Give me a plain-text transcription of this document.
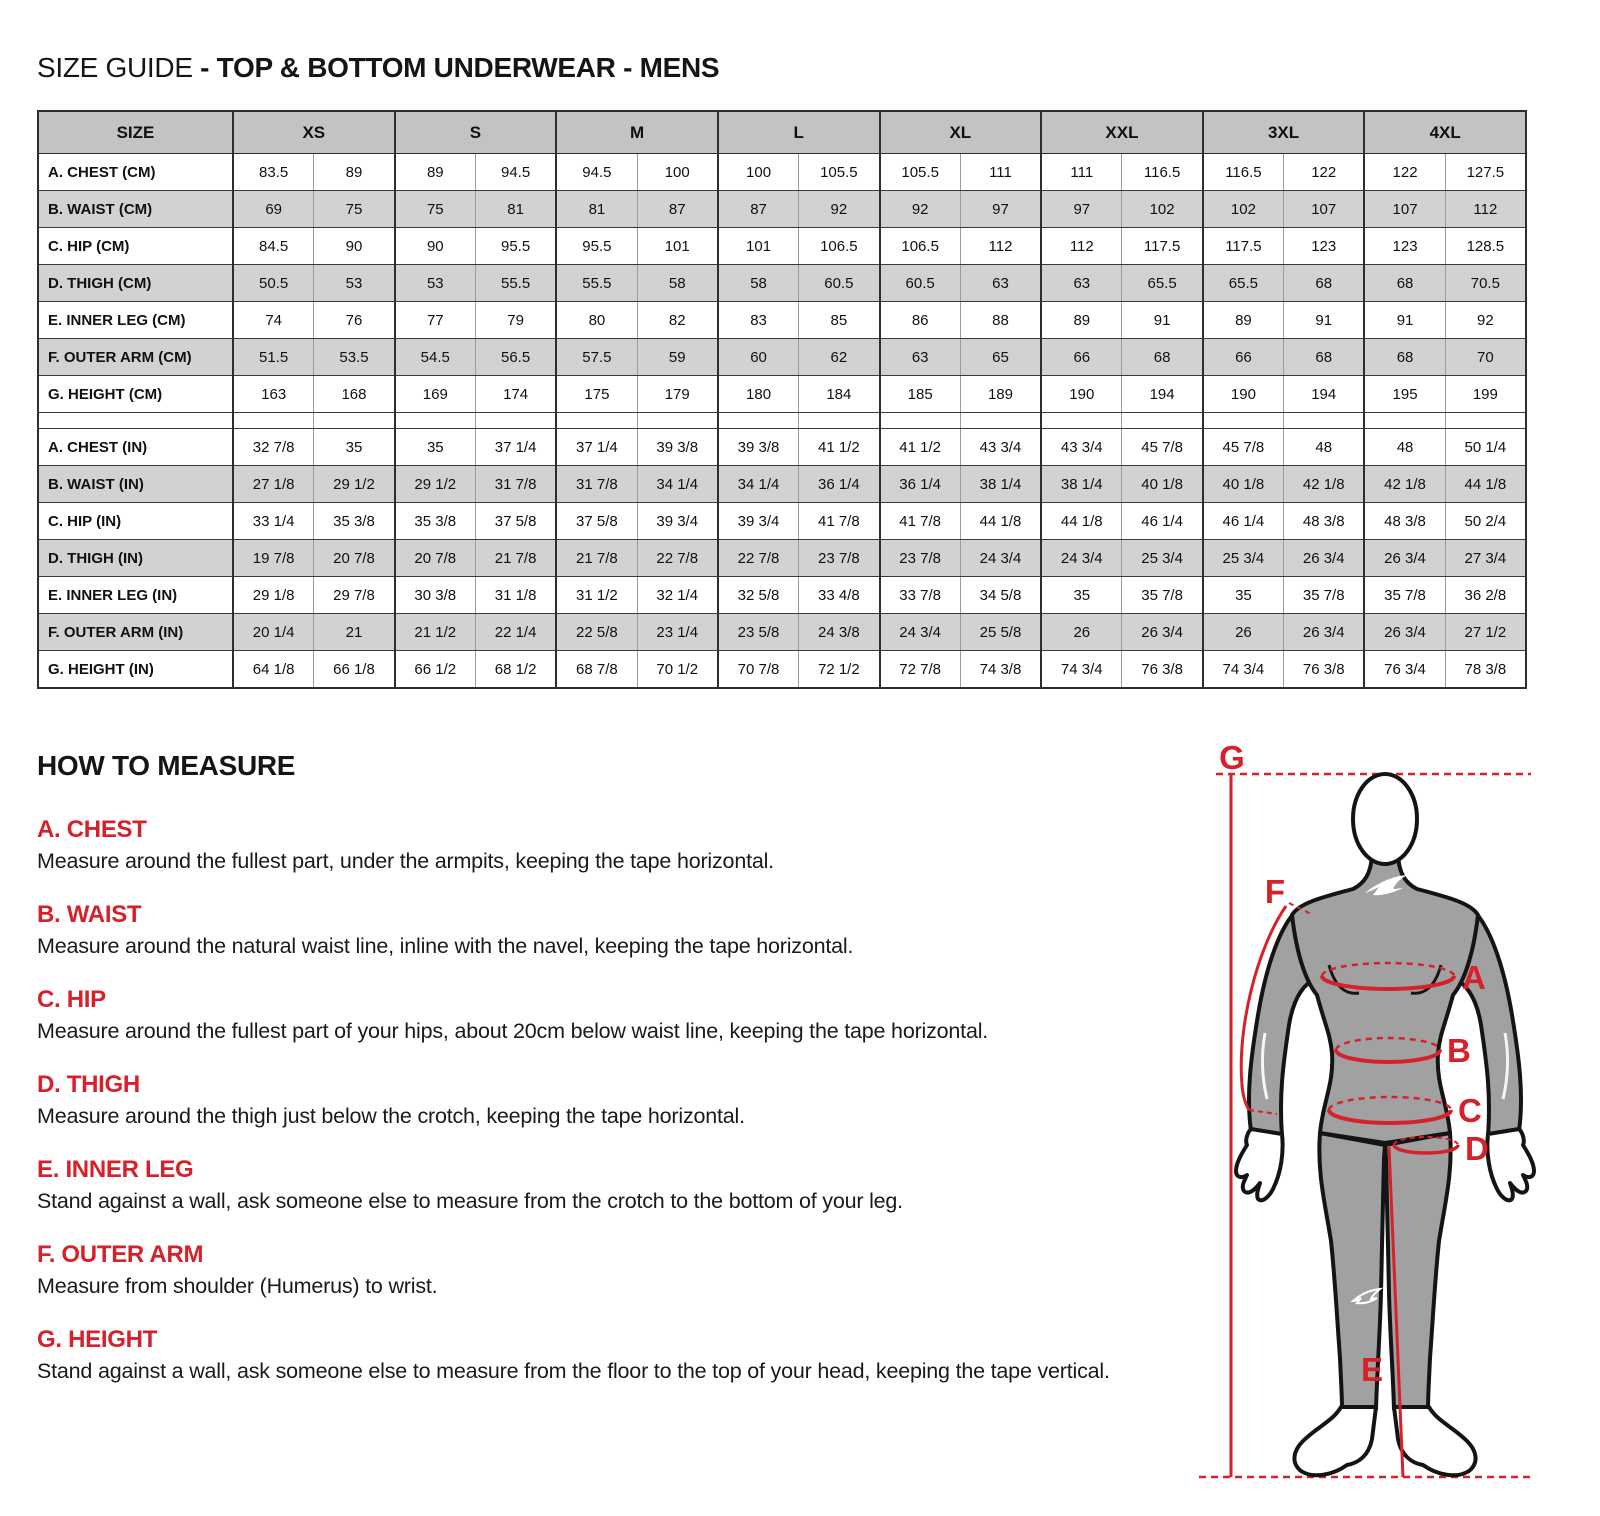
SIZE GUIDE - TOP & BOTTOM UNDERWEAR - MENS
SIZE	XS		S		M		L		XL		XXL		3XL		4XL	
A. CHEST (CM)	83.5	89	89	94.5	94.5	100	100	105.5	105.5	111	111	116.5	116.5	122	122	127.5
B. WAIST (CM)	69	75	75	81	81	87	87	92	92	97	97	102	102	107	107	112
C. HIP (CM)	84.5	90	90	95.5	95.5	101	101	106.5	106.5	112	112	117.5	117.5	123	123	128.5
D. THIGH (CM)	50.5	53	53	55.5	55.5	58	58	60.5	60.5	63	63	65.5	65.5	68	68	70.5
E. INNER LEG (CM)	74	76	77	79	80	82	83	85	86	88	89	91	89	91	91	92
F. OUTER ARM (CM)	51.5	53.5	54.5	56.5	57.5	59	60	62	63	65	66	68	66	68	68	70
G. HEIGHT (CM)	163	168	169	174	175	179	180	184	185	189	190	194	190	194	195	199

A. CHEST (IN)	32 7/8	35	35	37 1/4	37 1/4	39 3/8	39 3/8	41 1/2	41 1/2	43 3/4	43 3/4	45 7/8	45 7/8	48	48	50 1/4
B. WAIST (IN)	27 1/8	29 1/2	29 1/2	31 7/8	31 7/8	34 1/4	34 1/4	36 1/4	36 1/4	38 1/4	38 1/4	40 1/8	40 1/8	42 1/8	42 1/8	44 1/8
C. HIP (IN)	33 1/4	35 3/8	35 3/8	37 5/8	37 5/8	39 3/4	39 3/4	41 7/8	41 7/8	44 1/8	44 1/8	46 1/4	46 1/4	48 3/8	48 3/8	50 2/4
D. THIGH (IN)	19 7/8	20 7/8	20 7/8	21 7/8	21 7/8	22 7/8	22 7/8	23 7/8	23 7/8	24 3/4	24 3/4	25 3/4	25 3/4	26 3/4	26 3/4	27 3/4
E. INNER LEG (IN)	29 1/8	29 7/8	30 3/8	31 1/8	31 1/2	32 1/4	32 5/8	33 4/8	33 7/8	34 5/8	35	35 7/8	35	35 7/8	35 7/8	36 2/8
F. OUTER ARM (IN)	20 1/4	21	21 1/2	22 1/4	22 5/8	23 1/4	23 5/8	24 3/8	24 3/4	25 5/8	26	26 3/4	26	26 3/4	26 3/4	27 1/2
G. HEIGHT (IN)	64 1/8	66 1/8	66 1/2	68 1/2	68 7/8	70 1/2	70 7/8	72 1/2	72 7/8	74 3/8	74 3/4	76 3/8	74 3/4	76 3/8	76 3/4	78 3/8
HOW TO MEASURE

A. CHEST

Measure around the fullest part, under the armpits, keeping the tape horizontal.

B. WAIST

Measure around the natural waist line, inline with the navel, keeping the tape horizontal.

C. HIP

Measure around the fullest part of your hips, about 20cm below waist line, keeping the tape horizontal.

D. THIGH

Measure around the thigh just below the crotch, keeping the tape horizontal.

E. INNER LEG

Stand against a wall, ask someone else to measure from the crotch to the bottom of your leg.

F. OUTER ARM

Measure from shoulder (Humerus) to wrist.

G. HEIGHT

Stand against a wall, ask someone else to measure from the floor to the top of your head, keeping the tape vertical.

G
F
A
B
C
D
E
